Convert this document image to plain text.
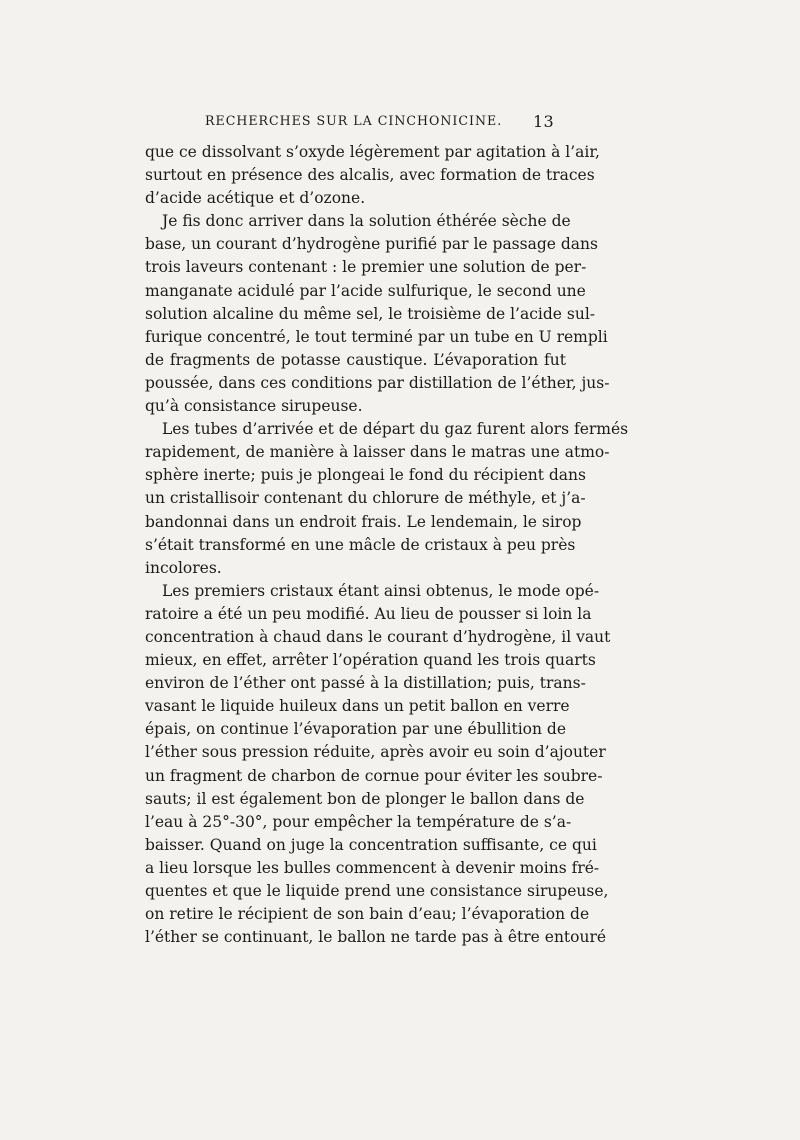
RECHERCHES SUR LA CINCHONICINE. 13
que ce dissolvant s’oxyde légèrement par agitation à l’air,
surtout en présence des alcalis, avec formation de traces
d’acide acétique et d’ozone.
Je fis donc arriver dans la solution éthérée sèche de
base, un courant d’hydrogène purifié par le passage dans
trois laveurs contenant : le premier une solution de per-
manganate acidulé par l’acide sulfurique, le second une
solution alcaline du même sel, le troisième de l’acide sul-
furique concentré, le tout terminé par un tube en U rempli
de fragments de potasse caustique. L’évaporation fut
poussée, dans ces conditions par distillation de l’éther, jus-
qu’à consistance sirupeuse.
Les tubes d’arrivée et de départ du gaz furent alors fermés
rapidement, de manière à laisser dans le matras une atmo-
sphère inerte; puis je plongeai le fond du récipient dans
un cristallisoir contenant du chlorure de méthyle, et j’a-
bandonnai dans un endroit frais. Le lendemain, le sirop
s’était transformé en une mâcle de cristaux à peu près
incolores.
Les premiers cristaux étant ainsi obtenus, le mode opé-
ratoire a été un peu modifié. Au lieu de pousser si loin la
concentration à chaud dans le courant d’hydrogène, il vaut
mieux, en effet, arrêter l’opération quand les trois quarts
environ de l’éther ont passé à la distillation; puis, trans-
vasant le liquide huileux dans un petit ballon en verre
épais, on continue l’évaporation par une ébullition de
l’éther sous pression réduite, après avoir eu soin d’ajouter
un fragment de charbon de cornue pour éviter les soubre-
sauts; il est également bon de plonger le ballon dans de
l’eau à 25°-30°, pour empêcher la température de s’a-
baisser. Quand on juge la concentration suffisante, ce qui
a lieu lorsque les bulles commencent à devenir moins fré-
quentes et que le liquide prend une consistance sirupeuse,
on retire le récipient de son bain d’eau; l’évaporation de
l’éther se continuant, le ballon ne tarde pas à être entouré
